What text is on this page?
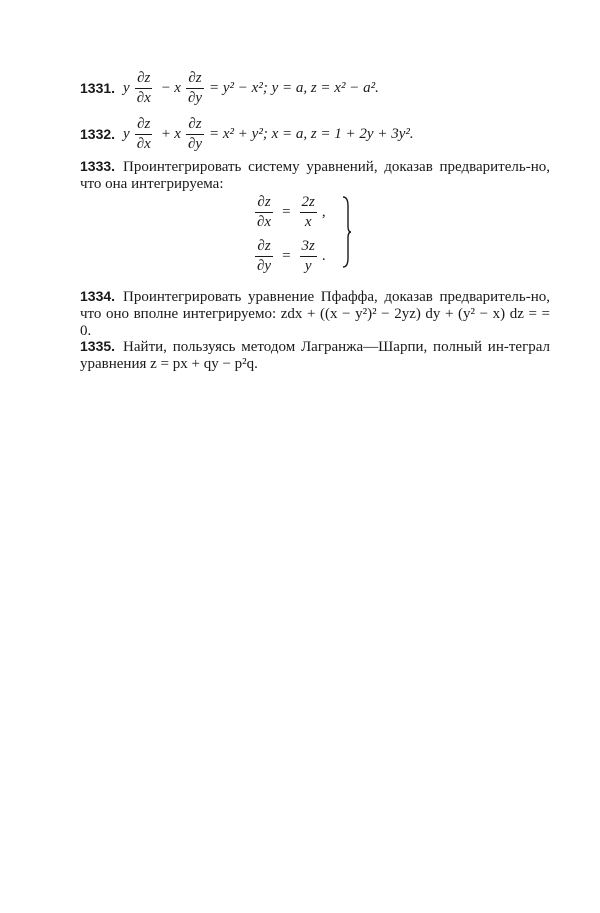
1331. y $\frac{\partial z}{\partial x} - x \frac{\partial z}{\partial y} = y^2 - x^2$; y = a, z = x² − a².
1332. y $\frac{\partial z}{\partial x} + x \frac{\partial z}{\partial y} = x^2 + y^2$; x = a, z = 1 + 2y + 3y².
1333. Проинтегрировать систему уравнений, доказав предваритель-но, что она интегрируема:
$\frac{\partial z}{\partial x} = \frac{2z}{x}$ ,
$\frac{\partial z}{\partial y} = \frac{3z}{y}$ .
1334. Проинтегрировать уравнение Пфаффа, доказав предваритель-но, что оно вполне интегрируемо: zdx + ((x − y²)² − 2yz) dy + (y² − x) dz = = 0.
1335. Найти, пользуясь методом Лагранжа—Шарпи, полный ин-теграл уравнения z = px + qy − p²q.
